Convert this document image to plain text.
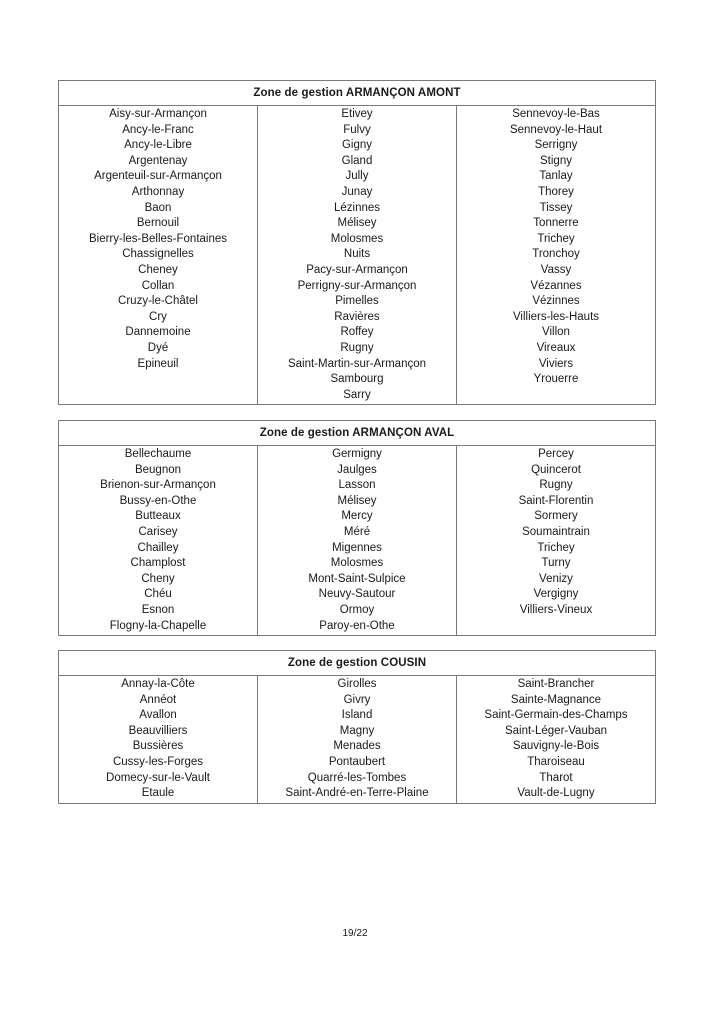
Zone de gestion ARMANÇON AMONT
Aisy-sur-Armançon
Ancy-le-Franc
Ancy-le-Libre
Argentenay
Argenteuil-sur-Armançon
Arthonnay
Baon
Bernouil
Bierry-les-Belles-Fontaines
Chassignelles
Cheney
Collan
Cruzy-le-Châtel
Cry
Dannemoine
Dyé
Epineuil
Etivey
Fulvy
Gigny
Gland
Jully
Junay
Lézinnes
Mélisey
Molosmes
Nuits
Pacy-sur-Armançon
Perrigny-sur-Armançon
Pimelles
Ravières
Roffey
Rugny
Saint-Martin-sur-Armançon
Sambourg
Sarry
Sennevoy-le-Bas
Sennevoy-le-Haut
Serrigny
Stigny
Tanlay
Thorey
Tissey
Tonnerre
Trichey
Tronchoy
Vassy
Vézannes
Vézinnes
Villiers-les-Hauts
Villon
Vireaux
Viviers
Yrouerre
Zone de gestion ARMANÇON AVAL
Bellechaume
Beugnon
Brienon-sur-Armançon
Bussy-en-Othe
Butteaux
Carisey
Chailley
Champlost
Cheny
Chéu
Esnon
Flogny-la-Chapelle
Germigny
Jaulges
Lasson
Mélisey
Mercy
Méré
Migennes
Molosmes
Mont-Saint-Sulpice
Neuvy-Sautour
Ormoy
Paroy-en-Othe
Percey
Quincerot
Rugny
Saint-Florentin
Sormery
Soumaintrain
Trichey
Turny
Venizy
Vergigny
Villiers-Vineux
Zone de gestion COUSIN
Annay-la-Côte
Annéot
Avallon
Beauvilliers
Bussières
Cussy-les-Forges
Domecy-sur-le-Vault
Etaule
Girolles
Givry
Island
Magny
Menades
Pontaubert
Quarré-les-Tombes
Saint-André-en-Terre-Plaine
Saint-Brancher
Sainte-Magnance
Saint-Germain-des-Champs
Saint-Léger-Vauban
Sauvigny-le-Bois
Tharoiseau
Tharot
Vault-de-Lugny
19/22
